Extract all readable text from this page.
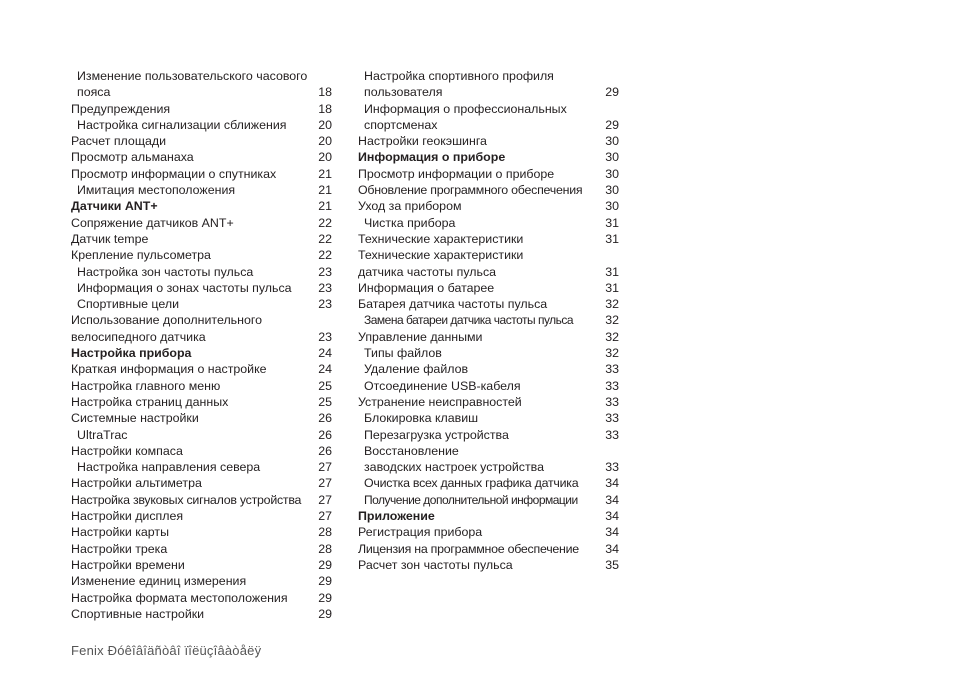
Изменение пользовательского часового
пояса	18
Предупреждения	18
Настройка сигнализации сближения	20
Расчет площади	20
Просмотр альманаха	20
Просмотр информации о спутниках	21
Имитация местоположения	21
Датчики ANT+	21
Сопряжение датчиков ANT+	22
Датчик tempe	22
Крепление пульсометра	22
Настройка зон частоты пульса	23
Информация о зонах частоты пульса	23
Спортивные цели	23
Использование дополнительного
велосипедного датчика	23
Настройка прибора	24
Краткая информация о настройке	24
Настройка главного меню	25
Настройка страниц данных	25
Системные настройки	26
UltraTrac	26
Настройки компаса	26
Настройка направления севера	27
Настройки альтиметра	27
Настройка звуковых сигналов устройства	27
Настройки дисплея	27
Настройки карты	28
Настройки трека	28
Настройки времени	29
Изменение единиц измерения	29
Настройка формата местоположения	29
Спортивные настройки	29
Настройка спортивного профиля
пользователя	29
Информация о профессиональных
спортсменах	29
Настройки геокэшинга	30
Информация о приборе	30
Просмотр информации о приборе	30
Обновление программного обеспечения	30
Уход за прибором	30
Чистка прибора	31
Технические характеристики	31
Технические характеристики
датчика частоты пульса	31
Информация о батарее	31
Батарея датчика частоты пульса	32
Замена батареи датчика частоты пульса	32
Управление данными	32
Типы файлов	32
Удаление файлов	33
Отсоединение USB-кабеля	33
Устранение неисправностей	33
Блокировка клавиш	33
Перезагрузка устройства	33
Восстановление
заводских настроек устройства	33
Очистка всех данных графика датчика	34
Получение дополнительной информации	34
Приложение	34
Регистрация прибора	34
Лицензия на программное обеспечение	34
Расчет зон частоты пульса	35
Fenix Ðóêîâîäñòâî ïîëüçîâàòåëÿ
